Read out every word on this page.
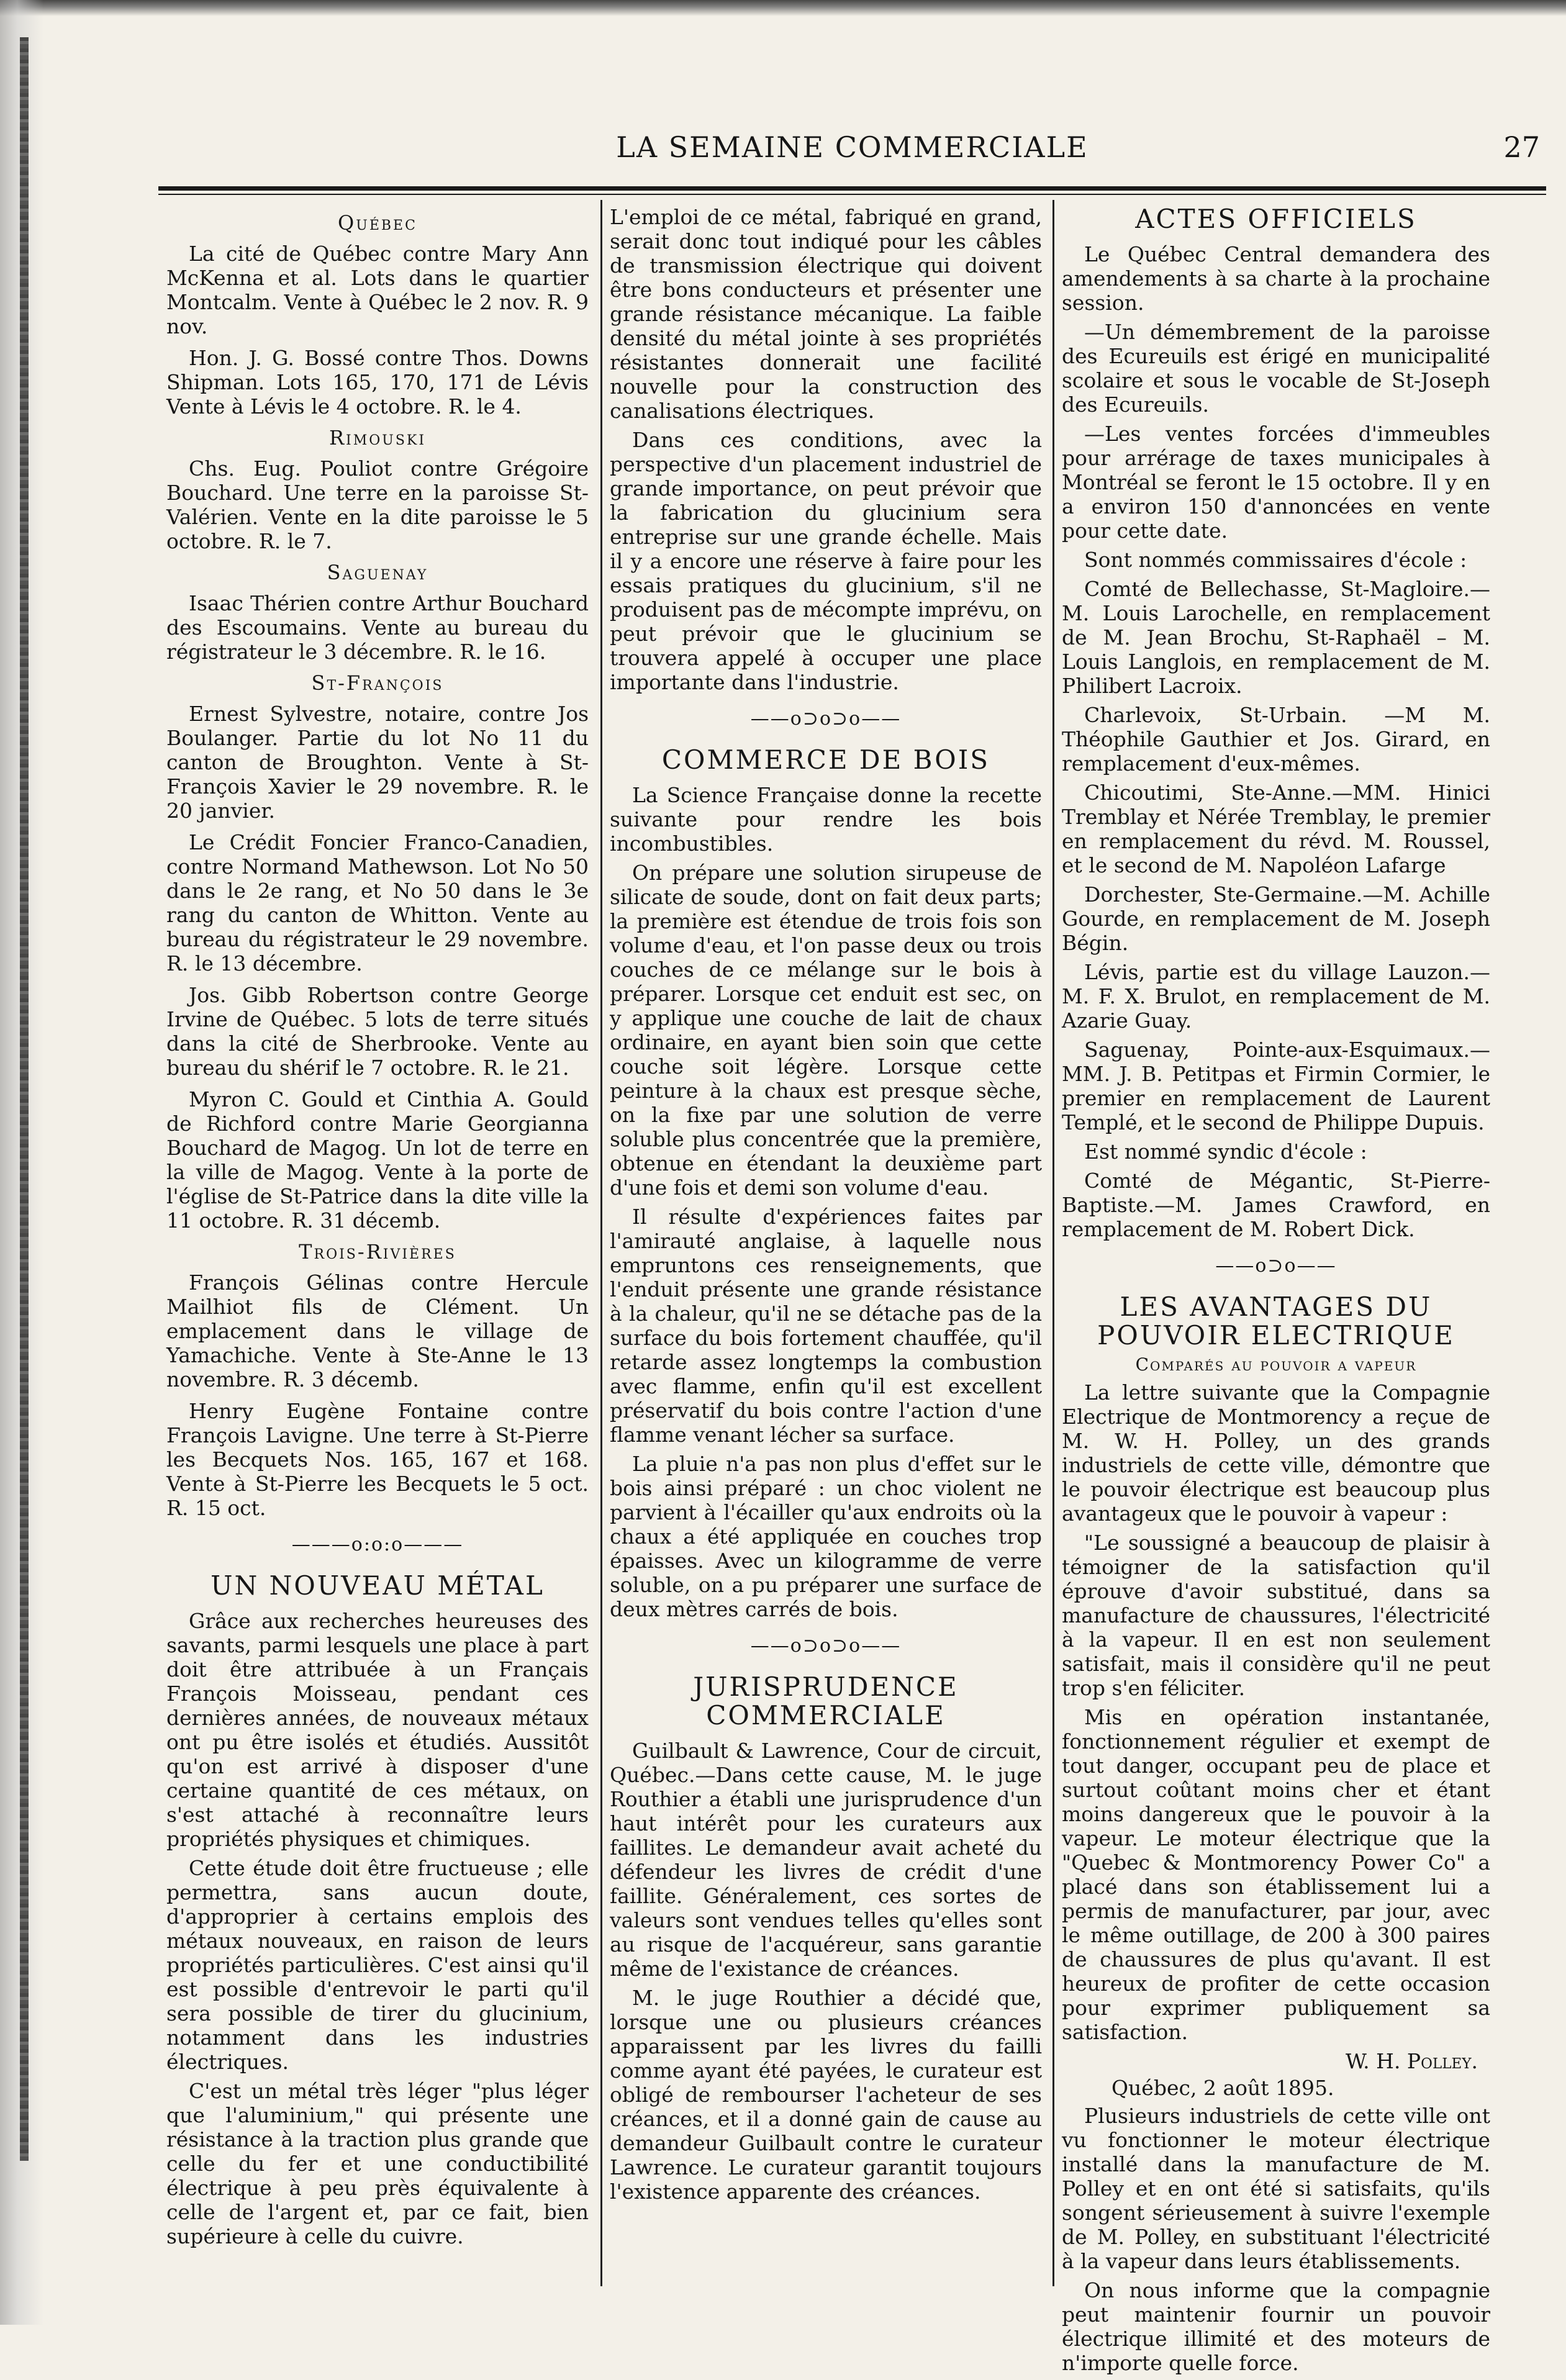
LA SEMAINE COMMERCIALE	27
Québec

La cité de Québec contre Mary Ann McKenna et al. Lots dans le quartier Montcalm. Vente à Québec le 2 nov. R. 9 nov.

Hon. J. G. Bossé contre Thos. Downs Shipman. Lots 165, 170, 171 de Lévis Vente à Lévis le 4 octobre. R. le 4.

Rimouski

Chs. Eug. Pouliot contre Grégoire Bouchard. Une terre en la paroisse St-Valérien. Vente en la dite paroisse le 5 octobre. R. le 7.

Saguenay

Isaac Thérien contre Arthur Bouchard des Escoumains. Vente au bureau du régistrateur le 3 décembre. R. le 16.

St-François

Ernest Sylvestre, notaire, contre Jos Boulanger. Partie du lot No 11 du canton de Broughton. Vente à St-François Xavier le 29 novembre. R. le 20 janvier.

Le Crédit Foncier Franco-Canadien, contre Normand Mathewson. Lot No 50 dans le 2e rang, et No 50 dans le 3e rang du canton de Whitton. Vente au bureau du régistrateur le 29 novembre. R. le 13 décembre.

Jos. Gibb Robertson contre George Irvine de Québec. 5 lots de terre situés dans la cité de Sherbrooke. Vente au bureau du shérif le 7 octobre. R. le 21.

Myron C. Gould et Cinthia A. Gould de Richford contre Marie Georgianna Bouchard de Magog. Un lot de terre en la ville de Magog. Vente à la porte de l'église de St-Patrice dans la dite ville la 11 octobre. R. 31 décemb.

Trois-Rivières

François Gélinas contre Hercule Mailhiot fils de Clément. Un emplacement dans le village de Yamachiche. Vente à Ste-Anne le 13 novembre. R. 3 décemb.

Henry Eugène Fontaine contre François Lavigne. Une terre à St-Pierre les Becquets Nos. 165, 167 et 168. Vente à St-Pierre les Becquets le 5 oct. R. 15 oct.

———o:o:o———
UN NOUVEAU MÉTAL

Grâce aux recherches heureuses des savants, parmi lesquels une place à part doit être attribuée à un Français François Moisseau, pendant ces dernières années, de nouveaux métaux ont pu être isolés et étudiés. Aussitôt qu'on est arrivé à disposer d'une certaine quantité de ces métaux, on s'est attaché à reconnaître leurs propriétés physiques et chimiques.

Cette étude doit être fructueuse ; elle permettra, sans aucun doute, d'approprier à certains emplois des métaux nouveaux, en raison de leurs propriétés particulières. C'est ainsi qu'il est possible d'entrevoir le parti qu'il sera possible de tirer du glucinium, notamment dans les industries électriques.

C'est un métal très léger "plus léger que l'aluminium," qui présente une résistance à la traction plus grande que celle du fer et une conductibilité électrique à peu près équivalente à celle de l'argent et, par ce fait, bien supérieure à celle du cuivre.

L'emploi de ce métal, fabriqué en grand, serait donc tout indiqué pour les câbles de transmission électrique qui doivent être bons conducteurs et présenter une grande résistance mécanique. La faible densité du métal jointe à ses propriétés résistantes donnerait une facilité nouvelle pour la construction des canalisations électriques.

Dans ces conditions, avec la perspective d'un placement industriel de grande importance, on peut prévoir que la fabrication du glucinium sera entreprise sur une grande échelle. Mais il y a encore une réserve à faire pour les essais pratiques du glucinium, s'il ne produisent pas de mécompte imprévu, on peut prévoir que le glucinium se trouvera appelé à occuper une place importante dans l'industrie.

——o⊃o⊃o——
COMMERCE DE BOIS

La Science Française donne la recette suivante pour rendre les bois incombustibles.

On prépare une solution sirupeuse de silicate de soude, dont on fait deux parts; la première est étendue de trois fois son volume d'eau, et l'on passe deux ou trois couches de ce mélange sur le bois à préparer. Lorsque cet enduit est sec, on y applique une couche de lait de chaux ordinaire, en ayant bien soin que cette couche soit légère. Lorsque cette peinture à la chaux est presque sèche, on la fixe par une solution de verre soluble plus concentrée que la première, obtenue en étendant la deuxième part d'une fois et demi son volume d'eau.

Il résulte d'expériences faites par l'amirauté anglaise, à laquelle nous empruntons ces renseignements, que l'enduit présente une grande résistance à la chaleur, qu'il ne se détache pas de la surface du bois fortement chauffée, qu'il retarde assez longtemps la combustion avec flamme, enfin qu'il est excellent préservatif du bois contre l'action d'une flamme venant lécher sa surface.

La pluie n'a pas non plus d'effet sur le bois ainsi préparé : un choc violent ne parvient à l'écailler qu'aux endroits où la chaux a été appliquée en couches trop épaisses. Avec un kilogramme de verre soluble, on a pu préparer une surface de deux mètres carrés de bois.

——o⊃o⊃o——
JURISPRUDENCE COMMERCIALE

Guilbault & Lawrence, Cour de circuit, Québec.—Dans cette cause, M. le juge Routhier a établi une jurisprudence d'un haut intérêt pour les curateurs aux faillites. Le demandeur avait acheté du défendeur les livres de crédit d'une faillite. Généralement, ces sortes de valeurs sont vendues telles qu'elles sont au risque de l'acquéreur, sans garantie même de l'existance de créances.

M. le juge Routhier a décidé que, lorsque une ou plusieurs créances apparaissent par les livres du failli comme ayant été payées, le curateur est obligé de rembourser l'acheteur de ses créances, et il a donné gain de cause au demandeur Guilbault contre le curateur Lawrence. Le curateur garantit toujours l'existence apparente des créances.

ACTES OFFICIELS

Le Québec Central demandera des amendements à sa charte à la prochaine session.

—Un démembrement de la paroisse des Ecureuils est érigé en municipalité scolaire et sous le vocable de St-Joseph des Ecureuils.

—Les ventes forcées d'immeubles pour arrérage de taxes municipales à Montréal se feront le 15 octobre. Il y en a environ 150 d'annoncées en vente pour cette date.

Sont nommés commissaires d'école :

Comté de Bellechasse, St-Magloire.—M. Louis Larochelle, en remplacement de M. Jean Brochu, St-Raphaël – M. Louis Langlois, en remplacement de M. Philibert Lacroix.

Charlevoix, St-Urbain. —M M. Théophile Gauthier et Jos. Girard, en remplacement d'eux-mêmes.

Chicoutimi, Ste-Anne.—MM. Hinici Tremblay et Nérée Tremblay, le premier en remplacement du révd. M. Roussel, et le second de M. Napoléon Lafarge

Dorchester, Ste-Germaine.—M. Achille Gourde, en remplacement de M. Joseph Bégin.

Lévis, partie est du village Lauzon.—M. F. X. Brulot, en remplacement de M. Azarie Guay.

Saguenay, Pointe-aux-Esquimaux.—MM. J. B. Petitpas et Firmin Cormier, le premier en remplacement de Laurent Templé, et le second de Philippe Dupuis.

Est nommé syndic d'école :

Comté de Mégantic, St-Pierre-Baptiste.—M. James Crawford, en remplacement de M. Robert Dick.

——o⊃o——
LES AVANTAGES DU POUVOIR ELECTRIQUE
Comparés au pouvoir a vapeur

La lettre suivante que la Compagnie Electrique de Montmorency a reçue de M. W. H. Polley, un des grands industriels de cette ville, démontre que le pouvoir électrique est beaucoup plus avantageux que le pouvoir à vapeur :

"Le soussigné a beaucoup de plaisir à témoigner de la satisfaction qu'il éprouve d'avoir substitué, dans sa manufacture de chaussures, l'électricité à la vapeur. Il en est non seulement satisfait, mais il considère qu'il ne peut trop s'en féliciter.

Mis en opération instantanée, fonctionnement régulier et exempt de tout danger, occupant peu de place et surtout coûtant moins cher et étant moins dangereux que le pouvoir à la vapeur. Le moteur électrique que la "Quebec & Montmorency Power Co" a placé dans son établissement lui a permis de manufacturer, par jour, avec le même outillage, de 200 à 300 paires de chaussures de plus qu'avant. Il est heureux de profiter de cette occasion pour exprimer publiquement sa satisfaction.

W. H. Polley.
Québec, 2 août 1895.

Plusieurs industriels de cette ville ont vu fonctionner le moteur électrique installé dans la manufacture de M. Polley et en ont été si satisfaits, qu'ils songent sérieusement à suivre l'exemple de M. Polley, en substituant l'électricité à la vapeur dans leurs établissements.

On nous informe que la compagnie peut maintenir fournir un pouvoir électrique illimité et des moteurs de n'importe quelle force.
